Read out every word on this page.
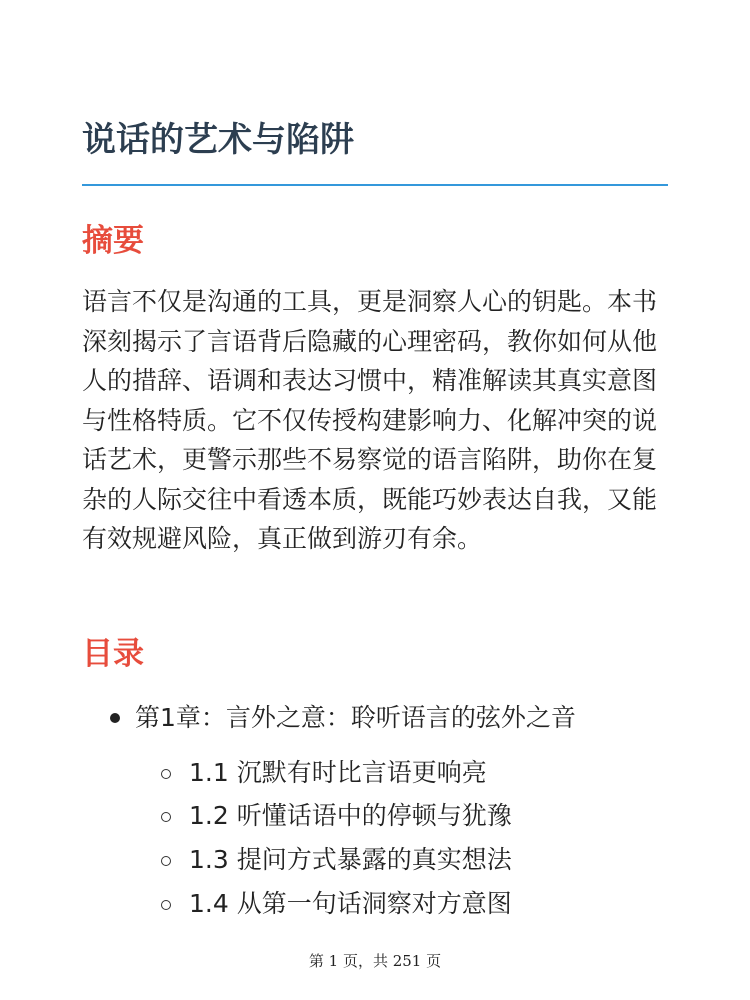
说话的艺术与陷阱
摘要

语言不仅是沟通的工具，更是洞察人心的钥匙。本书深刻揭示了言语背后隐藏的心理密码，教你如何从他人的措辞、语调和表达习惯中，精准解读其真实意图与性格特质。它不仅传授构建影响力、化解冲突的说话艺术，更警示那些不易察觉的语言陷阱，助你在复杂的人际交往中看透本质，既能巧妙表达自我，又能有效规避风险，真正做到游刃有余。

目录
第1章：言外之意：聆听语言的弦外之音
1.1 沉默有时比言语更响亮
1.2 听懂话语中的停顿与犹豫
1.3 提问方式暴露的真实想法
1.4 从第一句话洞察对方意图
第 1 页，共 251 页
